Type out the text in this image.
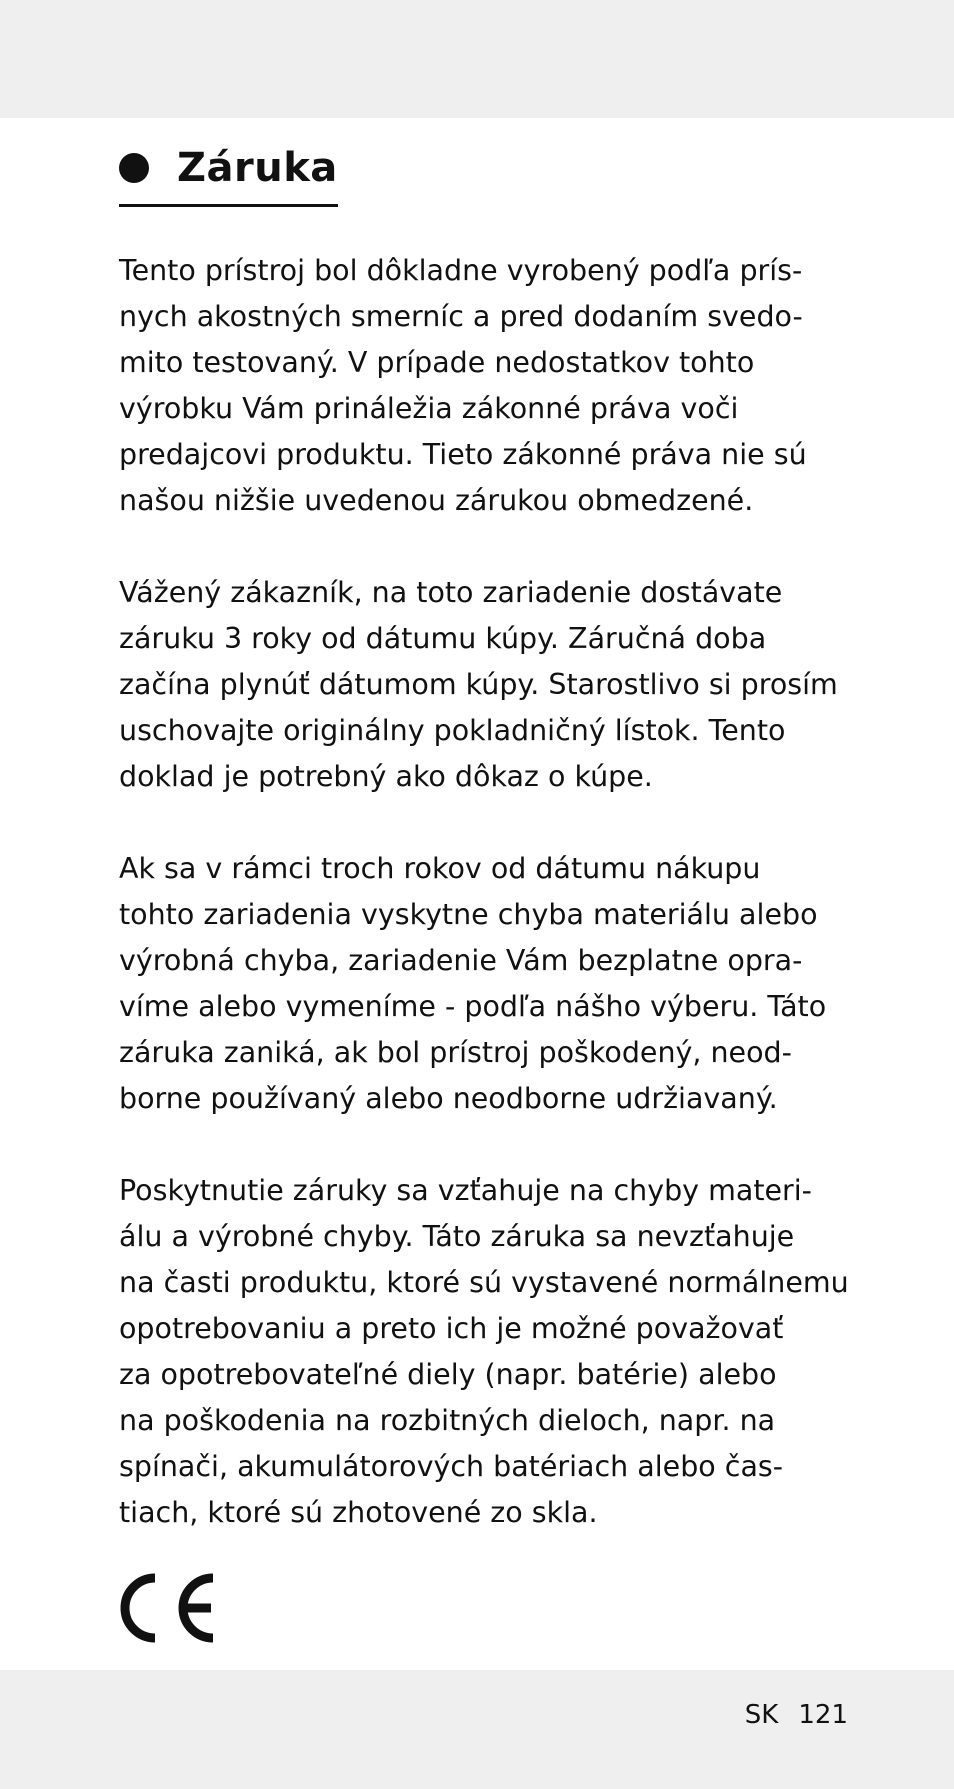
Záruka

Tento prístroj bol dôkladne vyrobený podľa prís-
nych akostných smerníc a pred dodaním svedo-
mito testovaný. V prípade nedostatkov tohto
výrobku Vám prináležia zákonné práva voči
predajcovi produktu. Tieto zákonné práva nie sú
našou nižšie uvedenou zárukou obmedzené.

Vážený zákazník, na toto zariadenie dostávate
záruku 3 roky od dátumu kúpy. Záručná doba
začína plynúť dátumom kúpy. Starostlivo si prosím
uschovajte originálny pokladničný lístok. Tento
doklad je potrebný ako dôkaz o kúpe.

Ak sa v rámci troch rokov od dátumu nákupu
tohto zariadenia vyskytne chyba materiálu alebo
výrobná chyba, zariadenie Vám bezplatne opra-
víme alebo vymeníme - podľa nášho výberu. Táto
záruka zaniká, ak bol prístroj poškodený, neod-
borne používaný alebo neodborne udržiavaný.

Poskytnutie záruky sa vzťahuje na chyby materi-
álu a výrobné chyby. Táto záruka sa nevzťahuje
na časti produktu, ktoré sú vystavené normálnemu
opotrebovaniu a preto ich je možné považovať
za opotrebovateľné diely (napr. batérie) alebo
na poškodenia na rozbitných dieloch, napr. na
spínači, akumulátorových batériach alebo čas-
tiach, ktoré sú zhotovené zo skla.

SK 121
